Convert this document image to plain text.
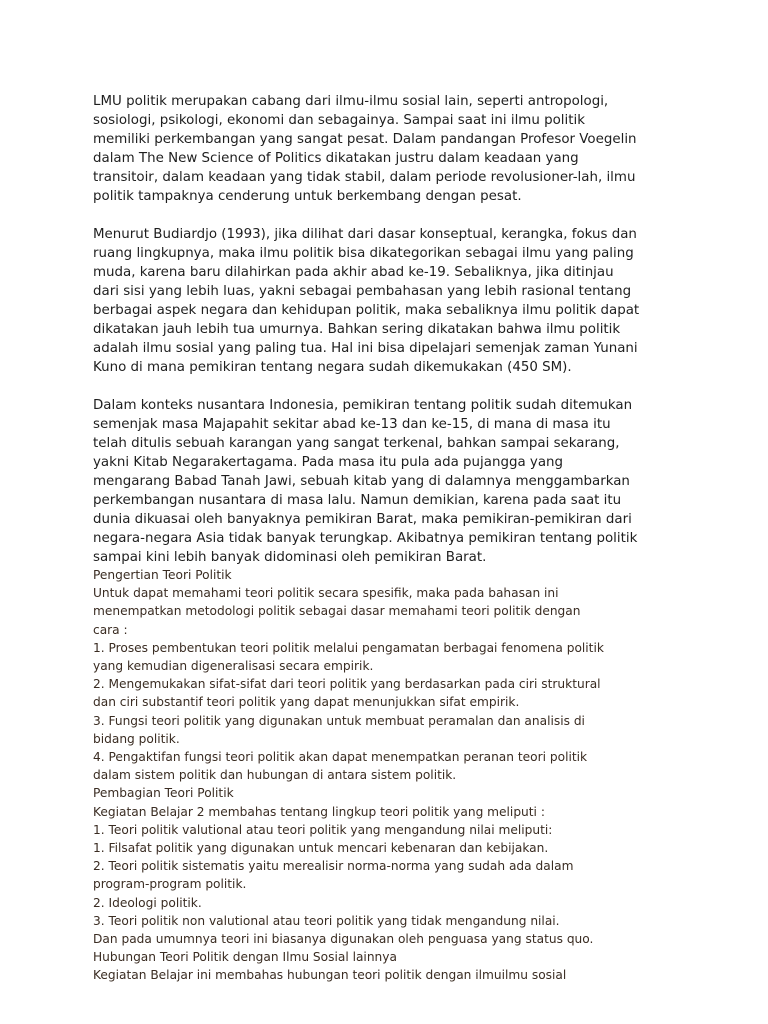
LMU politik merupakan cabang dari ilmu-ilmu sosial lain, seperti antropologi,
sosiologi, psikologi, ekonomi dan sebagainya. Sampai saat ini ilmu politik
memiliki perkembangan yang sangat pesat. Dalam pandangan Profesor Voegelin
dalam The New Science of Politics dikatakan justru dalam keadaan yang
transitoir, dalam keadaan yang tidak stabil, dalam periode revolusioner-lah, ilmu
politik tampaknya cenderung untuk berkembang dengan pesat.

Menurut Budiardjo (1993), jika dilihat dari dasar konseptual, kerangka, fokus dan
ruang lingkupnya, maka ilmu politik bisa dikategorikan sebagai ilmu yang paling
muda, karena baru dilahirkan pada akhir abad ke-19. Sebaliknya, jika ditinjau
dari sisi yang lebih luas, yakni sebagai pembahasan yang lebih rasional tentang
berbagai aspek negara dan kehidupan politik, maka sebaliknya ilmu politik dapat
dikatakan jauh lebih tua umurnya. Bahkan sering dikatakan bahwa ilmu politik
adalah ilmu sosial yang paling tua. Hal ini bisa dipelajari semenjak zaman Yunani
Kuno di mana pemikiran tentang negara sudah dikemukakan (450 SM).

Dalam konteks nusantara Indonesia, pemikiran tentang politik sudah ditemukan
semenjak masa Majapahit sekitar abad ke-13 dan ke-15, di mana di masa itu
telah ditulis sebuah karangan yang sangat terkenal, bahkan sampai sekarang,
yakni Kitab Negarakertagama. Pada masa itu pula ada pujangga yang
mengarang Babad Tanah Jawi, sebuah kitab yang di dalamnya menggambarkan
perkembangan nusantara di masa lalu. Namun demikian, karena pada saat itu
dunia dikuasai oleh banyaknya pemikiran Barat, maka pemikiran-pemikiran dari
negara-negara Asia tidak banyak terungkap. Akibatnya pemikiran tentang politik
sampai kini lebih banyak didominasi oleh pemikiran Barat.

Pengertian Teori Politik

Untuk dapat memahami teori politik secara spesifik, maka pada bahasan ini
menempatkan metodologi politik sebagai dasar memahami teori politik dengan
cara :

1. Proses pembentukan teori politik melalui pengamatan berbagai fenomena politik
yang kemudian digeneralisasi secara empirik.

2. Mengemukakan sifat-sifat dari teori politik yang berdasarkan pada ciri struktural
dan ciri substantif teori politik yang dapat menunjukkan sifat empirik.

3. Fungsi teori politik yang digunakan untuk membuat peramalan dan analisis di
bidang politik.

4. Pengaktifan fungsi teori politik akan dapat menempatkan peranan teori politik
dalam sistem politik dan hubungan di antara sistem politik.

Pembagian Teori Politik

Kegiatan Belajar 2 membahas tentang lingkup teori politik yang meliputi :

1. Teori politik valutional atau teori politik yang mengandung nilai meliputi:

1. Filsafat politik yang digunakan untuk mencari kebenaran dan kebijakan.

2. Teori politik sistematis yaitu merealisir norma-norma yang sudah ada dalam
program-program politik.

2. Ideologi politik.

3. Teori politik non valutional atau teori politik yang tidak mengandung nilai.

Dan pada umumnya teori ini biasanya digunakan oleh penguasa yang status quo.

Hubungan Teori Politik dengan Ilmu Sosial lainnya

Kegiatan Belajar ini membahas hubungan teori politik dengan ilmuilmu sosial
